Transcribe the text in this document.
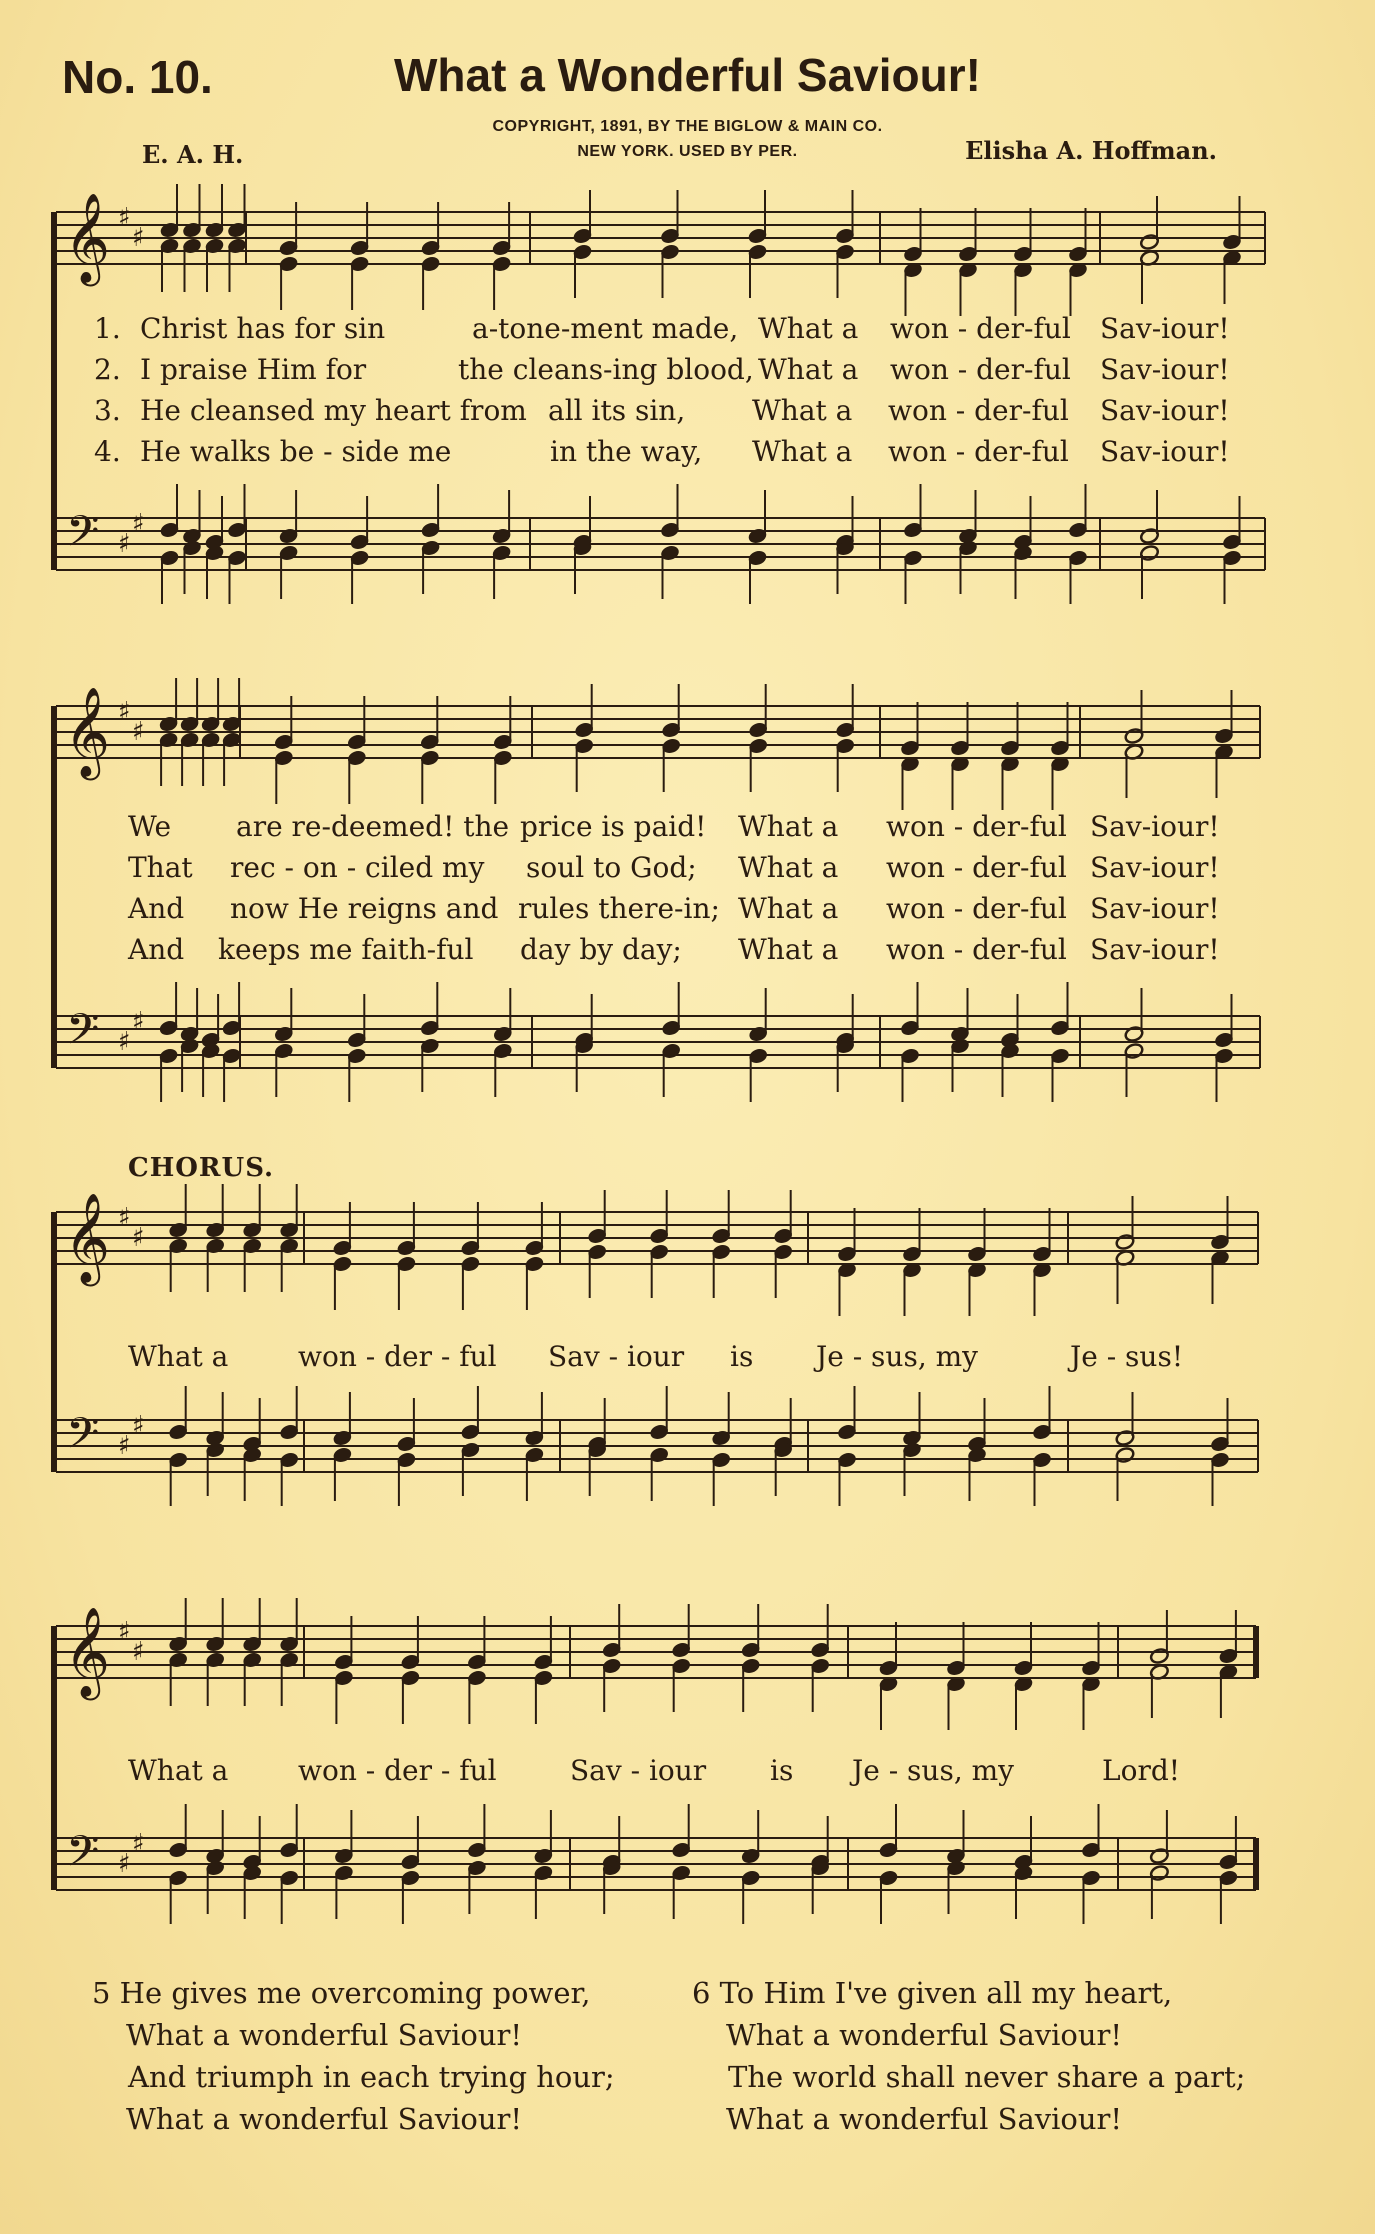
No. 10.	What a Wonderful Saviour!
COPYRIGHT, 1891, BY THE BIGLOW & MAIN CO.
NEW YORK. USED BY PER.
E. A. H.	Elisha A. Hoffman.
𝄞
𝄢
♯
♯
♯
♯
𝄞
𝄢
♯
♯
♯
♯
𝄞
𝄢
♯
♯
♯
♯
𝄞
𝄢
♯
♯
♯
♯
1. Christ has for sin	a-tone-ment made, What a won - der-ful Sav-iour!
2. I praise Him for	the cleans-ing blood, What a won - der-ful Sav-iour!
3. He cleansed my heart from all its sin, What a won - der-ful Sav-iour!
4. He walks be - side me	in the way, What a won - der-ful Sav-iour!
We are re-deemed! the price is paid! What a won - der-ful Sav-iour!
That rec - on - ciled my soul to God; What a won - der-ful Sav-iour!
And now He reigns and rules there-in; What a won - der-ful Sav-iour!
And keeps me faith-ful day by day; What a won - der-ful Sav-iour!
CHORUS.
What a won - der - ful Sav - iour is Je - sus, my	Je - sus!
What a won - der - ful	Sav - iour is Je - sus, my	Lord!
5 He gives me overcoming power,
What a wonderful Saviour!
And triumph in each trying hour;
What a wonderful Saviour!
6 To Him I've given all my heart,
What a wonderful Saviour!
The world shall never share a part;
What a wonderful Saviour!
